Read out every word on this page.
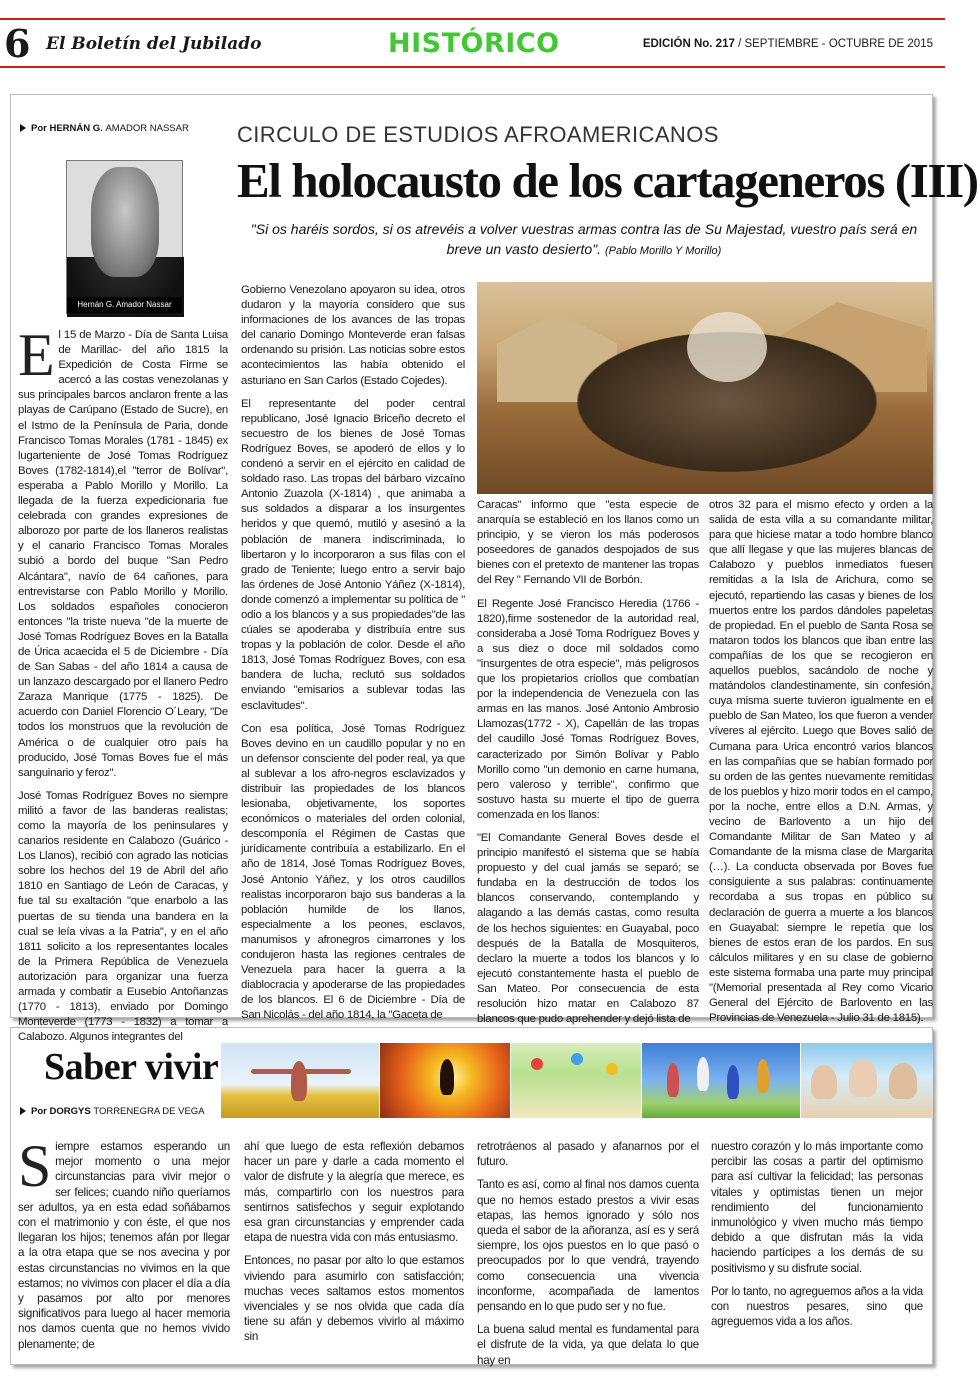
6 El Boletín del Jubilado	HISTÓRICO	EDICIÓN No. 217 / SEPTIEMBRE - OCTUBRE DE 2015
Por HERNÁN G. AMADOR NASSAR
Hernán G. Amador Nassar
CIRCULO DE ESTUDIOS AFROAMERICANOS
El holocausto de los cartageneros (III)
"Si os haréis sordos, si os atrevéis a volver vuestras armas contra las de Su Majestad, vuestro país será en breve un vasto desierto". (Pablo Morillo Y Morillo)

El 15 de Marzo - Día de Santa Luisa de Marillac- del año 1815 la Expedición de Costa Firme se acercó a las costas venezolanas y sus principales barcos anclaron frente a las playas de Carúpano (Estado de Sucre), en el Istmo de la Península de Paria, donde Francisco Tomas Morales (1781 - 1845) ex lugarteniente de José Tomas Rodríguez Boves (1782-1814),el "terror de Bolívar", esperaba a Pablo Morillo y Morillo. La llegada de la fuerza expedicionaria fue celebrada con grandes expresiones de alborozo por parte de los llaneros realistas y el canario Francisco Tomas Morales subió a bordo del buque "San Pedro Alcántara", navío de 64 cañones, para entrevistarse con Pablo Morillo y Morillo. Los soldados españoles conocieron entonces "la triste nueva "de la muerte de José Tomas Rodríguez Boves en la Batalla de Úrica acaecida el 5 de Diciembre - Día de San Sabas - del año 1814 a causa de un lanzazo descargado por el llanero Pedro Zaraza Manrique (1775 - 1825). De acuerdo con Daniel Florencio O´Leary, "De todos los monstruos que la revolución de América o de cualquier otro país ha producido, José Tomas Boves fue el más sanguinario y feroz".

José Tomas Rodríguez Boves no siempre militó a favor de las banderas realistas; como la mayoría de los peninsulares y canarios residente en Calabozo (Guárico - Los Llanos), recibió con agrado las noticias sobre los hechos del 19 de Abril del año 1810 en Santiago de León de Caracas, y fue tal su exaltación "que enarbolo a las puertas de su tienda una bandera en la cual se leía vivas a la Patria", y en el año 1811 solicito a los representantes locales de la Primera República de Venezuela autorización para organizar una fuerza armada y combatir a Eusebio Antoñanzas (1770 - 1813), enviado por Domingo Monteverde (1773 - 1832) a tomar a Calabozo. Algunos integrantes del

Gobierno Venezolano apoyaron su idea, otros dudaron y la mayoría considero que sus informaciones de los avances de las tropas del canario Domingo Monteverde eran falsas ordenando su prisión. Las noticias sobre estos acontecimientos las había obtenido el asturiano en San Carlos (Estado Cojedes).

El representante del poder central republicano, José Ignacio Briceño decreto el secuestro de los bienes de José Tomas Rodríguez Boves, se apoderó de ellos y lo condenó a servir en el ejército en calidad de soldado raso. Las tropas del bárbaro vizcaíno Antonio Zuazola (X-1814) , que animaba a sus soldados a disparar a los insurgentes heridos y que quemó, mutiló y asesinó a la población de manera indiscriminada, lo libertaron y lo incorporaron a sus filas con el grado de Teniente; luego entro a servir bajo las órdenes de José Antonio Yáñez (X-1814), donde comenzó a implementar su política de " odio a los blancos y a sus propiedades"de las cúales se apoderaba y distribuía entre sus tropas y la población de color. Desde el año 1813, José Tomas Rodríguez Boves, con esa bandera de lucha, reclutó sus soldados enviando "emisarios a sublevar todas las esclavitudes".

Con esa política, José Tomas Rodríguez Boves devino en un caudillo popular y no en un defensor consciente del poder real, ya que al sublevar a los afro-negros esclavizados y distribuir las propiedades de los blancos lesionaba, objetivamente, los soportes económicos o materiales del orden colonial, descomponía el Régimen de Castas que jurídicamente contribuía a estabilizarlo. En el año de 1814, José Tomas Rodríguez Boves, José Antonio Yáñez, y los otros caudillos realistas incorporaron bajo sus banderas a la población humilde de los llanos, especialmente a los peones, esclavos, manumisos y afronegros cimarrones y los condujeron hasta las regiones centrales de Venezuela para hacer la guerra a la diablocracia y apoderarse de las propiedades de los blancos. El 6 de Diciembre - Día de San Nicolás - del año 1814, la "Gaceta de

Caracas" informo que "esta especie de anarquía se estableció en los llanos como un principio, y se vieron los más poderosos poseedores de ganados despojados de sus bienes con el pretexto de mantener las tropas del Rey " Fernando VII de Borbón.

El Regente José Francisco Heredia (1766 - 1820),firme sostenedor de la autoridad real, consideraba a José Toma Rodríguez Boves y a sus diez o doce mil soldados como "insurgentes de otra especie", más peligrosos que los propietarios criollos que combatían por la independencia de Venezuela con las armas en las manos. José Antonio Ambrosio Llamozas(1772 - X), Capellán de las tropas del caudillo José Tomas Rodríguez Boves, caracterizado por Simón Bolívar y Pablo Morillo como "un demonio en carne humana, pero valeroso y terrible", confirmo que sostuvo hasta su muerte el tipo de guerra comenzada en los llanos:

"El Comandante General Boves desde el principio manifestó el sistema que se había propuesto y del cual jamás se separó; se fundaba en la destrucción de todos los blancos conservando, contemplando y alagando a las demás castas, como resulta de los hechos siguientes: en Guayabal, poco después de la Batalla de Mosquiteros, declaro la muerte a todos los blancos y lo ejecutó constantemente hasta el pueblo de San Mateo. Por consecuencia de esta resolución hizo matar en Calabozo 87 blancos que pudo aprehender y dejó lista de

otros 32 para el mismo efecto y orden a la salida de esta villa a su comandante militar, para que hiciese matar a todo hombre blanco que allí llegase y que las mujeres blancas de Calabozo y pueblos inmediatos fuesen remitidas a la Isla de Arichura, como se ejecutó, repartiendo las casas y bienes de los muertos entre los pardos dándoles papeletas de propiedad. En el pueblo de Santa Rosa se mataron todos los blancos que iban entre las compañías de los que se recogieron en aquellos pueblos, sacándolo de noche y matándolos clandestinamente, sin confesión, cuya misma suerte tuvieron igualmente en el pueblo de San Mateo, los que fueron a vender víveres al ejército. Luego que Boves salió de Cumana para Urica encontró varios blancos en las compañías que se habían formado por su orden de las gentes nuevamente remitidas de los pueblos y hizo morir todos en el campo, por la noche, entre ellos a D.N. Armas, y vecino de Barlovento a un hijo del Comandante Militar de San Mateo y al Comandante de la misma clase de Margarita (…). La conducta observada por Boves fue consiguiente a sus palabras: continuamente recordaba a sus tropas en público su declaración de guerra a muerte a los blancos en Guayabal: siempre le repetía que los bienes de estos eran de los pardos. En sus cálculos militares y en su clase de gobierno este sistema formaba una parte muy principal "(Memorial presentada al Rey como Vicario General del Ejército de Barlovento en las Provincias de Venezuela - Julio 31 de 1815).

Saber vivir
Por DORGYS TORRENEGRA DE VEGA

Siempre estamos esperando un mejor momento o una mejor circunstancias para vivir mejor o ser felices; cuando niño queríamos ser adultos, ya en esta edad soñábamos con el matrimonio y con éste, el que nos llegaran los hijos; tenemos afán por llegar a la otra etapa que se nos avecina y por estas circunstancias no vivimos en la que estamos; no vivimos con placer el día a día y pasamos por alto por menores significativos para luego al hacer memoria nos damos cuenta que no hemos vivido plenamente; de

ahí que luego de esta reflexión debamos hacer un pare y darle a cada momento el valor de disfrute y la alegría que merece, es más, compartirlo con los nuestros para sentirnos satisfechos y seguir explotando esa gran circunstancias y emprender cada etapa de nuestra vida con más entusiasmo.

Entonces, no pasar por alto lo que estamos viviendo para asumirlo con satisfacción; muchas veces saltamos estos momentos vivenciales y se nos olvida que cada día tiene su afán y debemos vivirlo al máximo sin

retrotráenos al pasado y afanarnos por el futuro.

Tanto es así, como al final nos damos cuenta que no hemos estado prestos a vivir esas etapas, las hemos ignorado y sólo nos queda el sabor de la añoranza, así es y será siempre, los ojos puestos en lo que pasó o preocupados por lo que vendrá, trayendo como consecuencia una vivencia inconforme, acompañada de lamentos pensando en lo que pudo ser y no fue.

La buena salud mental es fundamental para el disfrute de la vida, ya que delata lo que hay en

nuestro corazón y lo más importante como percibir las cosas a partir del optimismo para así cultivar la felicidad; las personas vitales y optimistas tienen un mejor rendimiento del funcionamiento inmunológico y viven mucho más tiempo debido a que disfrutan más la vida haciendo partícipes a los demás de su positivismo y su disfrute social.

Por lo tanto, no agreguemos años a la vida con nuestros pesares, sino que agreguemos vida a los años.
